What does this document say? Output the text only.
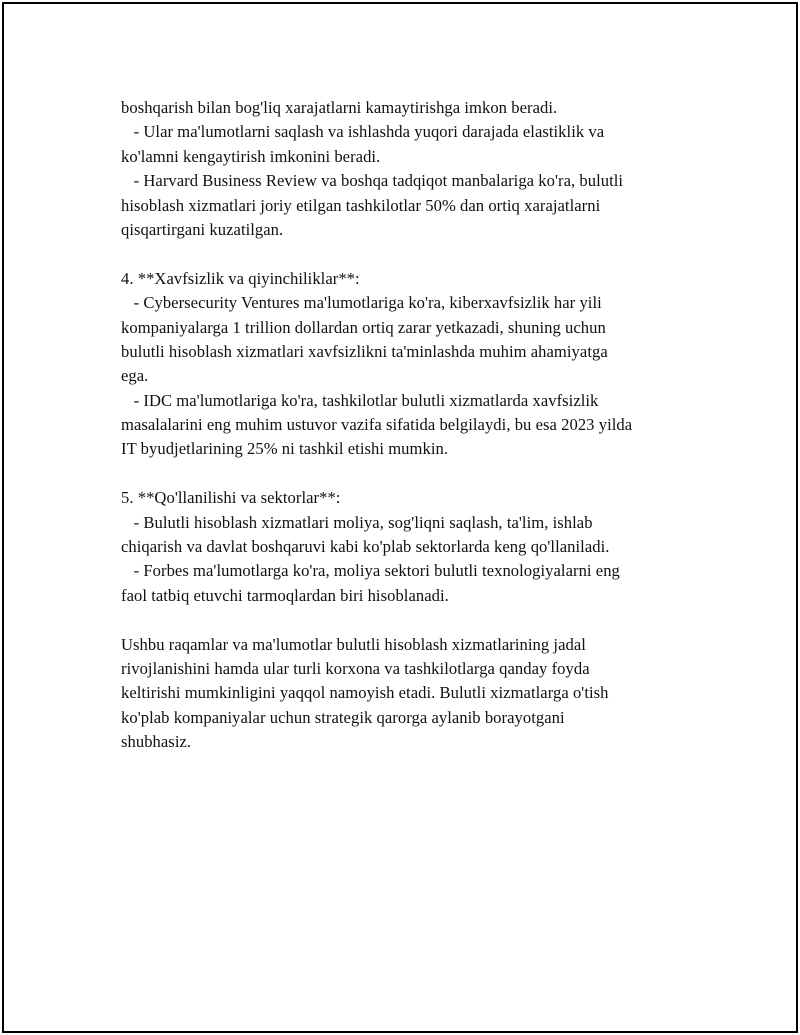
boshqarish bilan bog'liq xarajatlarni kamaytirishga imkon beradi.
- Ular ma'lumotlarni saqlash va ishlashda yuqori darajada elastiklik va
ko'lamni kengaytirish imkonini beradi.
- Harvard Business Review va boshqa tadqiqot manbalariga ko'ra, bulutli
hisoblash xizmatlari joriy etilgan tashkilotlar 50% dan ortiq xarajatlarni
qisqartirgani kuzatilgan.
4. **Xavfsizlik va qiyinchiliklar**:
- Cybersecurity Ventures ma'lumotlariga ko'ra, kiberxavfsizlik har yili
kompaniyalarga 1 trillion dollardan ortiq zarar yetkazadi, shuning uchun
bulutli hisoblash xizmatlari xavfsizlikni ta'minlashda muhim ahamiyatga
ega.
- IDC ma'lumotlariga ko'ra, tashkilotlar bulutli xizmatlarda xavfsizlik
masalalarini eng muhim ustuvor vazifa sifatida belgilaydi, bu esa 2023 yilda
IT byudjetlarining 25% ni tashkil etishi mumkin.
5. **Qo'llanilishi va sektorlar**:
- Bulutli hisoblash xizmatlari moliya, sog'liqni saqlash, ta'lim, ishlab
chiqarish va davlat boshqaruvi kabi ko'plab sektorlarda keng qo'llaniladi.
- Forbes ma'lumotlarga ko'ra, moliya sektori bulutli texnologiyalarni eng
faol tatbiq etuvchi tarmoqlardan biri hisoblanadi.
Ushbu raqamlar va ma'lumotlar bulutli hisoblash xizmatlarining jadal
rivojlanishini hamda ular turli korxona va tashkilotlarga qanday foyda
keltirishi mumkinligini yaqqol namoyish etadi. Bulutli xizmatlarga o'tish
ko'plab kompaniyalar uchun strategik qarorga aylanib borayotgani
shubhasiz.
